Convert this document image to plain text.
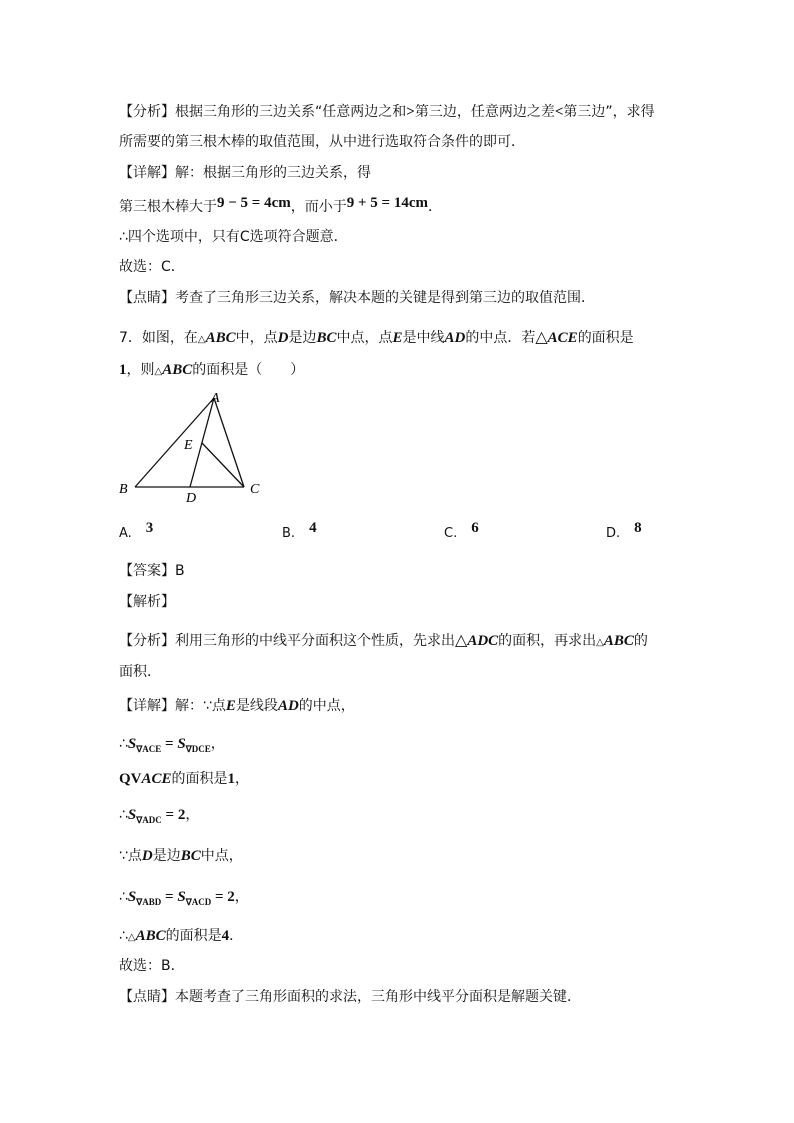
【分析】根据三角形的三边关系“任意两边之和>第三边，任意两边之差<第三边”，求得
所需要的第三根木棒的取值范围，从中进行选取符合条件的即可．
【详解】解：根据三角形的三边关系，得
第三根木棒大于9 − 5 = 4cm，而小于9 + 5 = 14cm．
∴四个选项中，只有C选项符合题意．
故选：C．
【点睛】考查了三角形三边关系，解决本题的关键是得到第三边的取值范围．
7．如图，在△ABC中，点D是边BC中点，点E是中线AD的中点．若△ACE的面积是
1，则△ABC的面积是（　　）
A
B	C
D
E
A. 3	B. 4	C. 6	D. 8
【答案】B
【解析】
【分析】利用三角形的中线平分面积这个性质，先求出△ADC的面积，再求出△ABC的
面积．
【详解】解：∵点E是线段AD的中点，
$\therefore S_{\nabla ACE} = S_{\nabla DCE}$，
QVACE的面积是1，
$\therefore S_{\nabla ADC} = 2$，
∵点D是边BC中点，
$\therefore S_{\nabla ABD} = S_{\nabla ACD} = 2$，
∴△ABC的面积是4．
故选：B．
【点睛】本题考查了三角形面积的求法，三角形中线平分面积是解题关键．
